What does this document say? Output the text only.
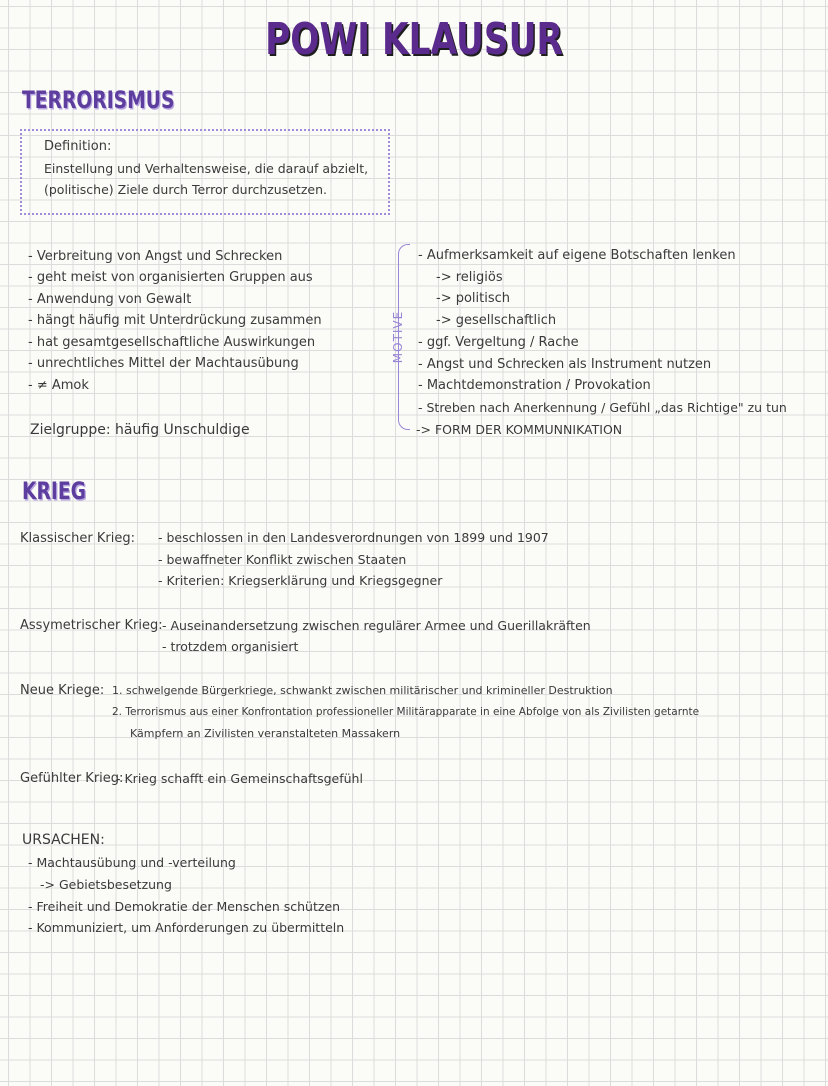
POWI KLAUSUR
TERRORISMUS
Definition:
Einstellung und Verhaltensweise, die darauf abzielt,
(politische) Ziele durch Terror durchzusetzen.
- Verbreitung von Angst und Schrecken
- geht meist von organisierten Gruppen aus
- Anwendung von Gewalt
- hängt häufig mit Unterdrückung zusammen
- hat gesamtgesellschaftliche Auswirkungen
- unrechtliches Mittel der Machtausübung
- ≠ Amok
Zielgruppe: häufig Unschuldige
MOTIVE
- Aufmerksamkeit auf eigene Botschaften lenken
-> religiös
-> politisch
-> gesellschaftlich
- ggf. Vergeltung / Rache
- Angst und Schrecken als Instrument nutzen
- Machtdemonstration / Provokation
- Streben nach Anerkennung / Gefühl „das Richtige" zu tun
-> FORM DER KOMMUNNIKATION
KRIEG
Klassischer Krieg: - beschlossen in den Landesverordnungen von 1899 und 1907
- bewaffneter Konflikt zwischen Staaten
- Kriterien: Kriegserklärung und Kriegsgegner
Assymetrischer Krieg: - Auseinandersetzung zwischen regulärer Armee und Guerillakräften
- trotzdem organisiert
Neue Kriege: 1. schwelgende Bürgerkriege, schwankt zwischen militärischer und krimineller Destruktion
2. Terrorismus aus einer Konfrontation professioneller Militärapparate in eine Abfolge von als Zivilisten getarnte
Kämpfern an Zivilisten veranstalteten Massakern
Gefühlter Krieg:
- Krieg schafft ein Gemeinschaftsgefühl
URSACHEN:
- Machtausübung und -verteilung
-> Gebietsbesetzung
- Freiheit und Demokratie der Menschen schützen
- Kommuniziert, um Anforderungen zu übermitteln
